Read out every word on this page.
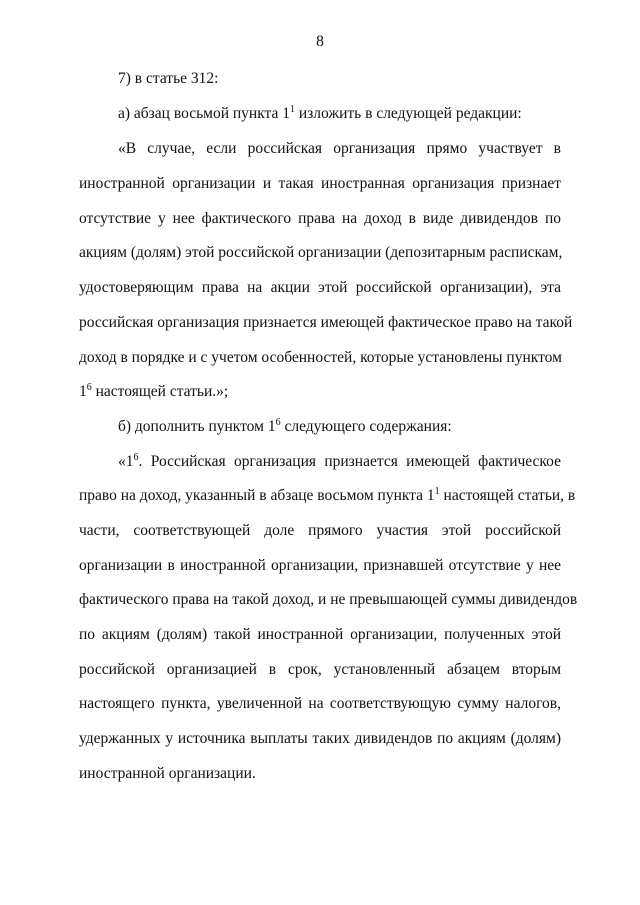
8
7) в статье 312:
а) абзац восьмой пункта $1^1$ изложить в следующей редакции:
«В случае, если российская организация прямо участвует в
иностранной организации и такая иностранная организация признает
отсутствие у нее фактического права на доход в виде дивидендов по
акциям (долям) этой российской организации (депозитарным распискам,
удостоверяющим права на акции этой российской организации), эта
российская организация признается имеющей фактическое право на такой
доход в порядке и с учетом особенностей, которые установлены пунктом
$1^6$ настоящей статьи.»;
б) дополнить пунктом $1^6$ следующего содержания:
«$1^6$. Российская организация признается имеющей фактическое
право на доход, указанный в абзаце восьмом пункта $1^1$ настоящей статьи, в
части, соответствующей доле прямого участия этой российской
организации в иностранной организации, признавшей отсутствие у нее
фактического права на такой доход, и не превышающей суммы дивидендов
по акциям (долям) такой иностранной организации, полученных этой
российской организацией в срок, установленный абзацем вторым
настоящего пункта, увеличенной на соответствующую сумму налогов,
удержанных у источника выплаты таких дивидендов по акциям (долям)
иностранной организации.
